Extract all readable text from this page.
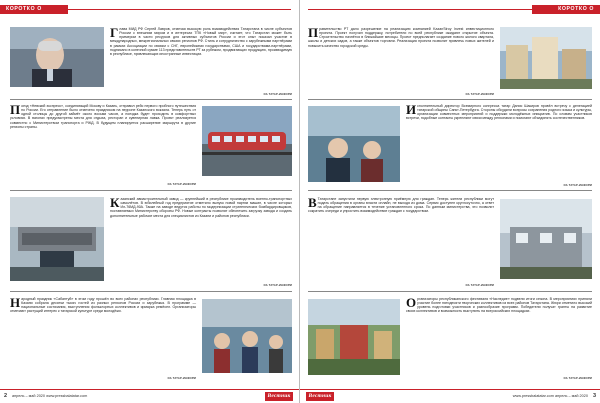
КОРОТКО О ВАЖНОМ
Глава МИД РФ Сергей Лавров, отмечая высокую роль взаимодействия Татарстана в числе субъектов России с внешним миром и в интересах ТПК «Новый мир», считает, что Татарстан может быть примером в части ресурсов для активных субъектов России и этот опыт показал участие в международных, межрегиональных связях регионов РФ. Стиль и сотрудничество с зарубежными партнёрами в рамках Ассоциации по связям с СНГ, европейскими государствами, США и государствами-партнёрами, подписано в конечной сумме 113 представительств РТ за рубежом, продвигающих продукцию, производимую в республике, привлекающих иностранные инвестиции.
ИА ТАТАР-ИНФОРМ
Поезд «Невский экспресс», соединяющий Москву и Казань, отправил рейс первого пробного путешествия по России. Его отправление было отмечено праздником на перроне Казанского вокзала. Теперь путь от одной столицы до другой займёт около восьми часов, а поездка будет проходить в комфортных условиях. В вагонах предусмотрены места для отдыха, ресторан и сувенирная лавка. Проект реализуется совместно с Министерством транспорта и РЖД. В будущем планируется расширение маршрута в другие регионы страны.
ИА ТАТАР-ИНФОРМ
Казанский авиастроительный завод — крупнейший в республике производитель военно-транспортных самолётов. В юбилейный год предприятие отметило выпуск новой партии машин, в числе которых Ил-76МД-90А. Также на заводе ведутся работы по модернизации стратегических бомбардировщиков, поставляемых Министерству обороны РФ. Новые контракты позволят обеспечить загрузку завода и создать дополнительные рабочие места для специалистов из Казани и районов республики.
ИА ТАТАР-ИНФОРМ
Народный праздник «Сабантуй» в этом году прошёл во всех районах республики. Главная площадка в Казани собрала десятки тысяч гостей из разных регионов России и зарубежья. В программе — национальные состязания, выступления фольклорных коллективов и ярмарка ремёсел. Организаторы отмечают растущий интерес к татарской культуре среди молодёжи.
ИА ТАТАР-ИНФОРМ
2 апрель – май 2020 www.pressbalatatar.com	Вестник
КОРОТКО О ВАЖНОМ
Правительство РТ дало разрешение на реализацию компанией KazanStroy Invest инвестиционного проекта. Проект получил поддержку, потребители по всей республике ожидают открытие объекта. Строительство начнётся в ближайшие месяцы. Проект предполагает создание нового жилого квартала, школы и детских садов, а также объектов торговли. Реализация проекта позволит привлечь новых жителей и повысить качество городской среды.
ИА ТАТАР-ИНФОРМ
Исполнительный директор Всемирного конгресса татар Данис Шакиров провёл встречу с делегацией татарской общины Санкт-Петербурга. Стороны обсудили вопросы сохранения родного языка и культуры, организации совместных мероприятий и поддержки молодёжных инициатив. По словам участников встречи, подобные контакты укрепляют связи между регионами и помогают объединять соотечественников.
ИА ТАТАР-ИНФОРМ
В Татарстане запустили первую электронную приёмную для граждан. Теперь жители республики могут подать обращения в органы власти онлайн, не выходя из дома. Сервис доступен круглосуточно, а ответ на обращение направляется в течение установленного срока. По данным министерства, это позволит сократить очереди и упростить взаимодействие граждан с государством.
ИА ТАТАР-ИНФОРМ
Организаторы республиканского фестиваля «Наследие» подвели итоги сезона. В мероприятиях приняли участие более пятидесяти творческих коллективов из всех районов Татарстана. Жюри отметило высокий уровень подготовки участников и разнообразие программ. Победители получат гранты на развитие своих коллективов и возможность выступить на всероссийских площадках.
ИА ТАТАР-ИНФОРМ
Вестник	www.pressbalatatar.com апрель – май 2020 3
